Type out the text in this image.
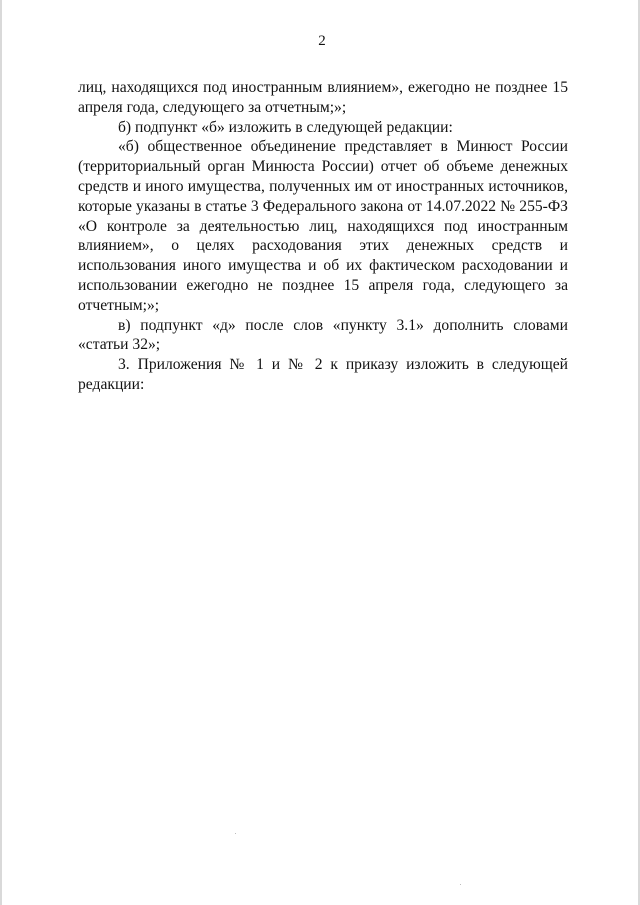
2

лиц, находящихся под иностранным влиянием», ежегодно не позднее 15 апреля года, следующего за отчетным;»;

б) подпункт «б» изложить в следующей редакции:

«б) общественное объединение представляет в Минюст России (территориальный орган Минюста России) отчет об объеме денежных средств и иного имущества, полученных им от иностранных источников, которые указаны в статье 3 Федерального закона от 14.07.2022 № 255-ФЗ «О контроле за деятельностью лиц, находящихся под иностранным влиянием», о целях расходования этих денежных средств и использования иного имущества и об их фактическом расходовании и использовании ежегодно не позднее 15 апреля года, следующего за отчетным;»;

в) подпункт «д» после слов «пункту 3.1» дополнить словами «статьи 32»;

3. Приложения № 1 и № 2 к приказу изложить в следующей редакции:
